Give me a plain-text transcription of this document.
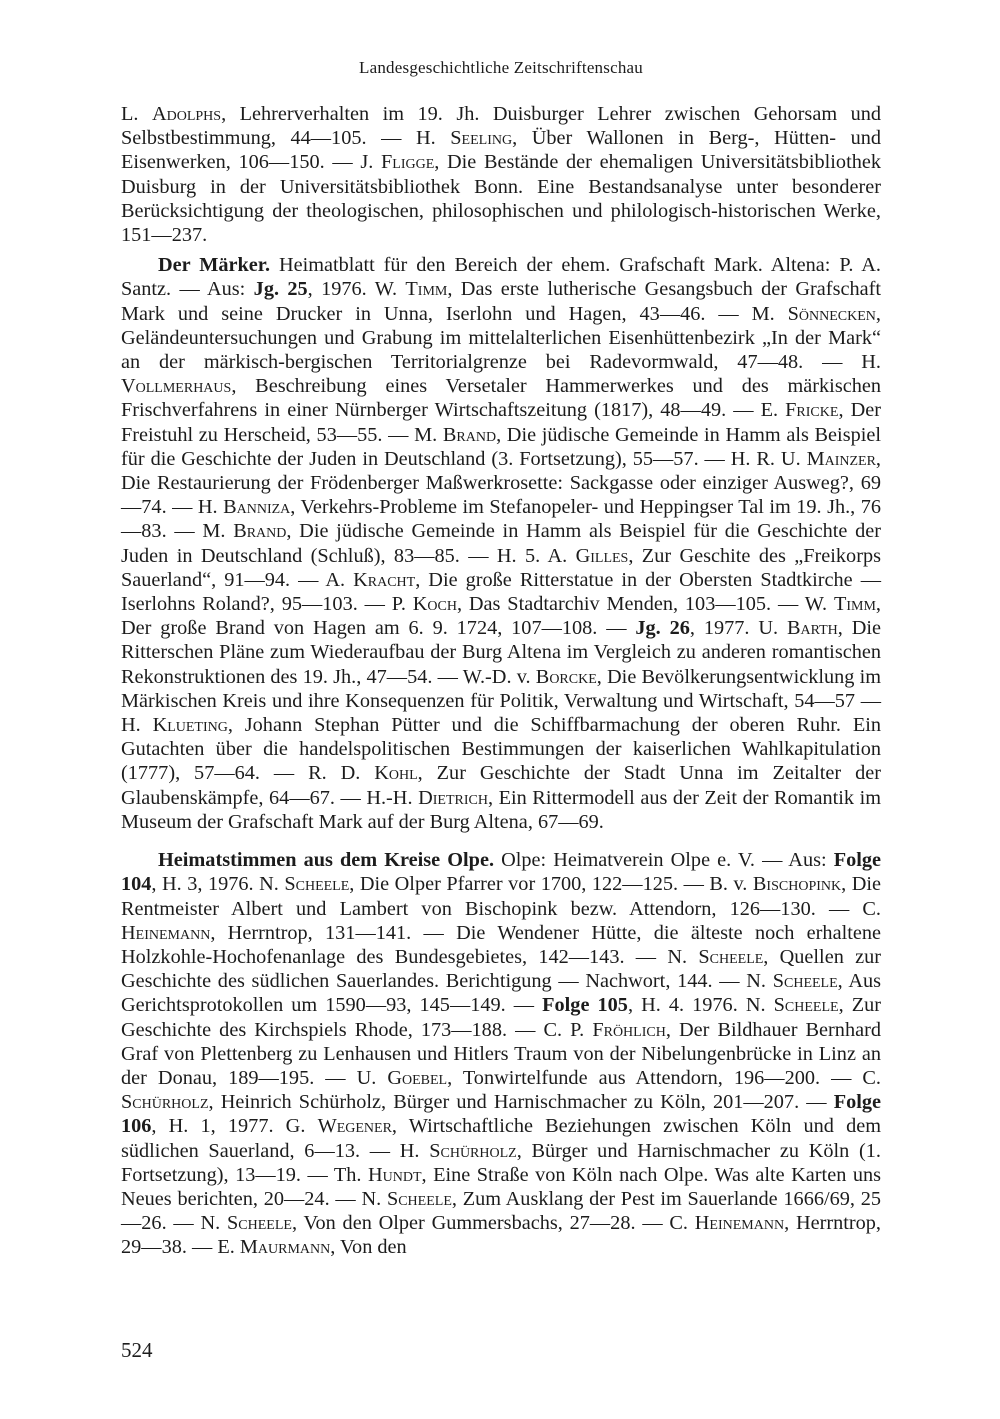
Landesgeschichtliche Zeitschriftenschau

L. Adolphs, Lehrerverhalten im 19. Jh. Duisburger Lehrer zwischen Gehorsam und Selbstbestimmung, 44—105. — H. Seeling, Über Wallonen in Berg-, Hütten- und Eisenwerken, 106—150. — J. Fligge, Die Bestände der ehemaligen Universitätsbibliothek Duisburg in der Universitätsbibliothek Bonn. Eine Bestandsanalyse unter besonderer Berücksichtigung der theologischen, philosophischen und philologisch-historischen Werke, 151—237.

Der Märker. Heimatblatt für den Bereich der ehem. Grafschaft Mark. Altena: P. A. Santz. — Aus: Jg. 25, 1976. W. Timm, Das erste lutherische Gesangsbuch der Grafschaft Mark und seine Drucker in Unna, Iserlohn und Hagen, 43—46. — M. Sönnecken, Geländeuntersuchungen und Grabung im mittelalterlichen Eisenhüttenbezirk „In der Mark“ an der märkisch-bergischen Territorialgrenze bei Radevormwald, 47—48. — H. Vollmerhaus, Beschreibung eines Versetaler Hammerwerkes und des märkischen Frischverfahrens in einer Nürnberger Wirtschaftszeitung (1817), 48—49. — E. Fricke, Der Freistuhl zu Herscheid, 53—55. — M. Brand, Die jüdische Gemeinde in Hamm als Beispiel für die Geschichte der Juden in Deutschland (3. Fortsetzung), 55—57. — H. R. U. Mainzer, Die Restaurierung der Frödenberger Maßwerkrosette: Sackgasse oder einziger Ausweg?, 69—74. — H. Banniza, Verkehrs-Probleme im Stefanopeler- und Heppingser Tal im 19. Jh., 76—83. — M. Brand, Die jüdische Gemeinde in Hamm als Beispiel für die Geschichte der Juden in Deutschland (Schluß), 83—85. — H. 5. A. Gilles, Zur Geschite des „Freikorps Sauerland“, 91—94. — A. Kracht, Die große Ritterstatue in der Obersten Stadtkirche — Iserlohns Roland?, 95—103. — P. Koch, Das Stadtarchiv Menden, 103—105. — W. Timm, Der große Brand von Hagen am 6. 9. 1724, 107—108. — Jg. 26, 1977. U. Barth, Die Ritterschen Pläne zum Wiederaufbau der Burg Altena im Vergleich zu anderen romantischen Rekonstruktionen des 19. Jh., 47—54. — W.-D. v. Borcke, Die Bevölkerungsentwicklung im Märkischen Kreis und ihre Konsequenzen für Politik, Verwaltung und Wirtschaft, 54—57 — H. Klueting, Johann Stephan Pütter und die Schiffbarmachung der oberen Ruhr. Ein Gutachten über die handelspolitischen Bestimmungen der kaiserlichen Wahlkapitulation (1777), 57—64. — R. D. Kohl, Zur Geschichte der Stadt Unna im Zeitalter der Glaubenskämpfe, 64—67. — H.-H. Dietrich, Ein Rittermodell aus der Zeit der Romantik im Museum der Grafschaft Mark auf der Burg Altena, 67—69.

Heimatstimmen aus dem Kreise Olpe. Olpe: Heimatverein Olpe e. V. — Aus: Folge 104, H. 3, 1976. N. Scheele, Die Olper Pfarrer vor 1700, 122—125. — B. v. Bischopink, Die Rentmeister Albert und Lambert von Bischopink bezw. Attendorn, 126—130. — C. Heinemann, Herrntrop, 131—141. — Die Wendener Hütte, die älteste noch erhaltene Holzkohle-Hochofenanlage des Bundesgebietes, 142—143. — N. Scheele, Quellen zur Geschichte des südlichen Sauerlandes. Berichtigung — Nachwort, 144. — N. Scheele, Aus Gerichtsprotokollen um 1590—93, 145—149. — Folge 105, H. 4. 1976. N. Scheele, Zur Geschichte des Kirchspiels Rhode, 173—188. — C. P. Fröhlich, Der Bildhauer Bernhard Graf von Plettenberg zu Lenhausen und Hitlers Traum von der Nibelungenbrücke in Linz an der Donau, 189—195. — U. Goebel, Tonwirtelfunde aus Attendorn, 196—200. — C. Schürholz, Heinrich Schürholz, Bürger und Harnischmacher zu Köln, 201—207. — Folge 106, H. 1, 1977. G. Wegener, Wirtschaftliche Beziehungen zwischen Köln und dem südlichen Sauerland, 6—13. — H. Schürholz, Bürger und Harnischmacher zu Köln (1. Fortsetzung), 13—19. — Th. Hundt, Eine Straße von Köln nach Olpe. Was alte Karten uns Neues berichten, 20—24. — N. Scheele, Zum Ausklang der Pest im Sauerlande 1666/69, 25—26. — N. Scheele, Von den Olper Gummersbachs, 27—28. — C. Heinemann, Herrntrop, 29—38. — E. Maurmann, Von den

524
